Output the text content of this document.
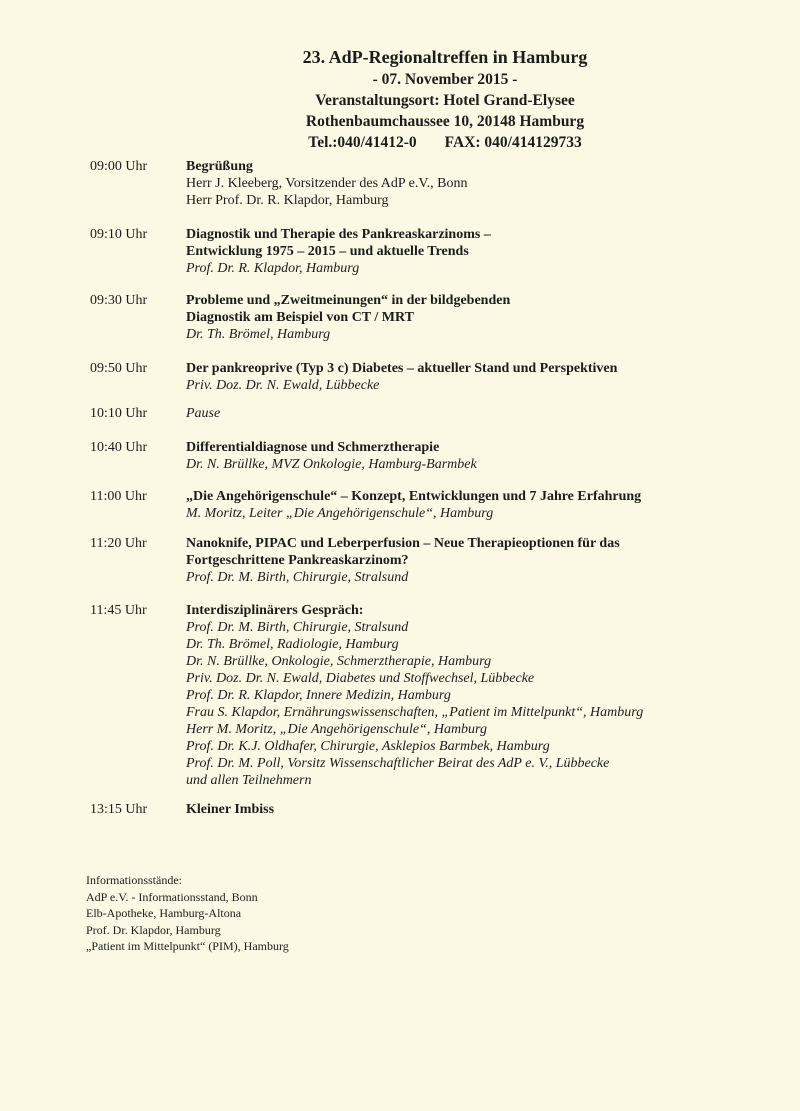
23. AdP-Regionaltreffen in Hamburg
- 07. November 2015 -
Veranstaltungsort: Hotel Grand-Elysee
Rothenbaumchaussee 10, 20148 Hamburg
Tel.:040/41412-0 FAX: 040/414129733
09:00 Uhr	Begrüßung
Herr J. Kleeberg, Vorsitzender des AdP e.V., Bonn
Herr Prof. Dr. R. Klapdor, Hamburg
09:10 Uhr	Diagnostik und Therapie des Pankreaskarzinoms –
Entwicklung 1975 – 2015 – und aktuelle Trends
Prof. Dr. R. Klapdor, Hamburg
09:30 Uhr	Probleme und „Zweitmeinungen“ in der bildgebenden
Diagnostik am Beispiel von CT / MRT
Dr. Th. Brömel, Hamburg
09:50 Uhr	Der pankreoprive (Typ 3 c) Diabetes – aktueller Stand und Perspektiven
Priv. Doz. Dr. N. Ewald, Lübbecke
10:10 Uhr	Pause
10:40 Uhr	Differentialdiagnose und Schmerztherapie
Dr. N. Brüllke, MVZ Onkologie, Hamburg-Barmbek
11:00 Uhr	„Die Angehörigenschule“ – Konzept, Entwicklungen und 7 Jahre Erfahrung
M. Moritz, Leiter „Die Angehörigenschule“, Hamburg
11:20 Uhr	Nanoknife, PIPAC und Leberperfusion – Neue Therapieoptionen für das
Fortgeschrittene Pankreaskarzinom?
Prof. Dr. M. Birth, Chirurgie, Stralsund
11:45 Uhr	Interdisziplinärers Gespräch:
Prof. Dr. M. Birth, Chirurgie, Stralsund
Dr. Th. Brömel, Radiologie, Hamburg
Dr. N. Brüllke, Onkologie, Schmerztherapie, Hamburg
Priv. Doz. Dr. N. Ewald, Diabetes und Stoffwechsel, Lübbecke
Prof. Dr. R. Klapdor, Innere Medizin, Hamburg
Frau S. Klapdor, Ernährungswissenschaften, „Patient im Mittelpunkt“, Hamburg
Herr M. Moritz, „Die Angehörigenschule“, Hamburg
Prof. Dr. K.J. Oldhafer, Chirurgie, Asklepios Barmbek, Hamburg
Prof. Dr. M. Poll, Vorsitz Wissenschaftlicher Beirat des AdP e. V., Lübbecke
und allen Teilnehmern
13:15 Uhr	Kleiner Imbiss
Informationsstände:
AdP e.V. - Informationsstand, Bonn
Elb-Apotheke, Hamburg-Altona
Prof. Dr. Klapdor, Hamburg
„Patient im Mittelpunkt“ (PIM), Hamburg
